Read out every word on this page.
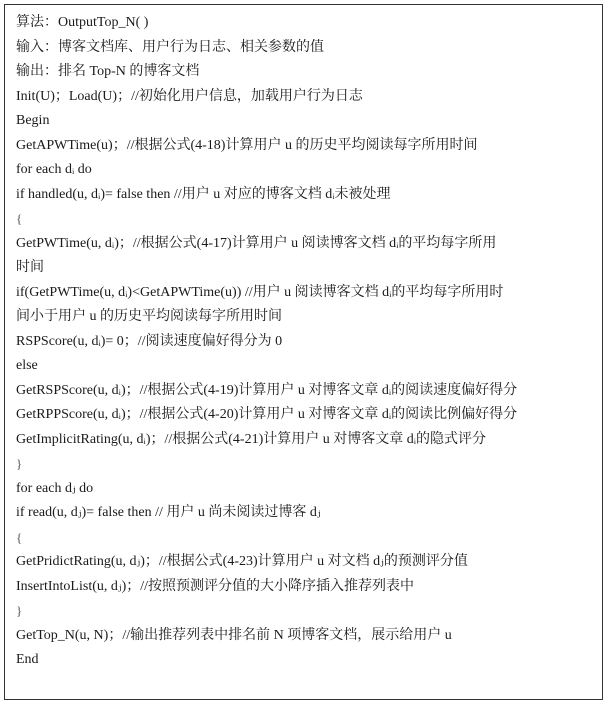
算法：OutputTop_N( )
输入：博客文档库、用户行为日志、相关参数的值
输出：排名 Top-N 的博客文档
Init(U)；Load(U)；//初始化用户信息，加载用户行为日志
Begin
GetAPWTime(u)；//根据公式(4-18)计算用户 u 的历史平均阅读每字所用时间
for each dᵢ do
if handled(u, dᵢ)= false then //用户 u 对应的博客文档 dᵢ未被处理
{
GetPWTime(u, dᵢ)；//根据公式(4-17)计算用户 u 阅读博客文档 dᵢ的平均每字所用
时间
if(GetPWTime(u, dᵢ)<GetAPWTime(u)) //用户 u 阅读博客文档 dᵢ的平均每字所用时
间小于用户 u 的历史平均阅读每字所用时间
RSPScore(u, dᵢ)= 0；//阅读速度偏好得分为 0
else
GetRSPScore(u, dᵢ)；//根据公式(4-19)计算用户 u 对博客文章 dᵢ的阅读速度偏好得分
GetRPPScore(u, dᵢ)；//根据公式(4-20)计算用户 u 对博客文章 dᵢ的阅读比例偏好得分
GetImplicitRating(u, dᵢ)；//根据公式(4-21)计算用户 u 对博客文章 dᵢ的隐式评分
}
for each dⱼ do
if read(u, dⱼ)= false then // 用户 u 尚未阅读过博客 dⱼ
{
GetPridictRating(u, dⱼ)；//根据公式(4-23)计算用户 u 对文档 dⱼ的预测评分值
InsertIntoList(u, dⱼ)；//按照预测评分值的大小降序插入推荐列表中
}
GetTop_N(u, N)；//输出推荐列表中排名前 N 项博客文档，展示给用户 u
End
